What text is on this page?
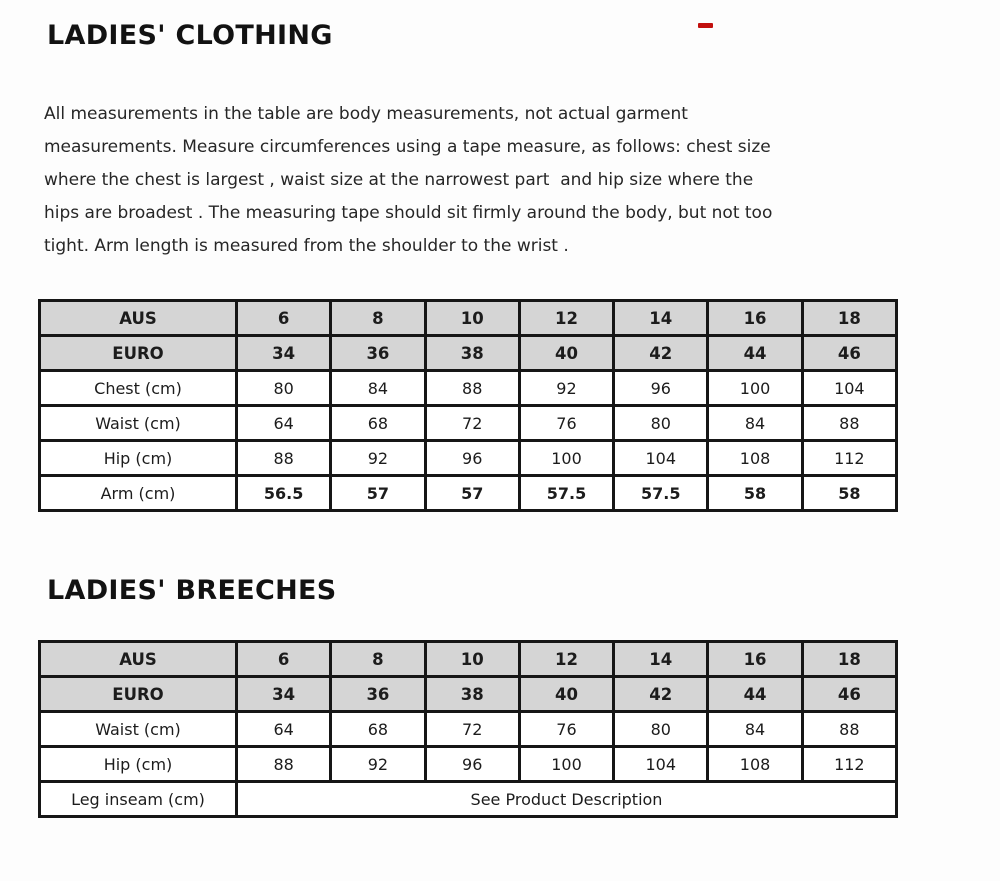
LADIES' CLOTHING
All measurements in the table are body measurements, not actual garment
measurements. Measure circumferences using a tape measure, as follows: chest size
where the chest is largest , waist size at the narrowest part  and hip size where the
hips are broadest . The measuring tape should sit firmly around the body, but not too
tight. Arm length is measured from the shoulder to the wrist .
AUS	6	8	10	12	14	16	18
EURO	34	36	38	40	42	44	46
Chest (cm)	80	84	88	92	96	100	104
Waist (cm)	64	68	72	76	80	84	88
Hip (cm)	88	92	96	100	104	108	112
Arm (cm)	56.5	57	57	57.5	57.5	58	58
LADIES' BREECHES
AUS	6	8	10	12	14	16	18
EURO	34	36	38	40	42	44	46
Waist (cm)	64	68	72	76	80	84	88
Hip (cm)	88	92	96	100	104	108	112
Leg inseam (cm)	See Product Description						
